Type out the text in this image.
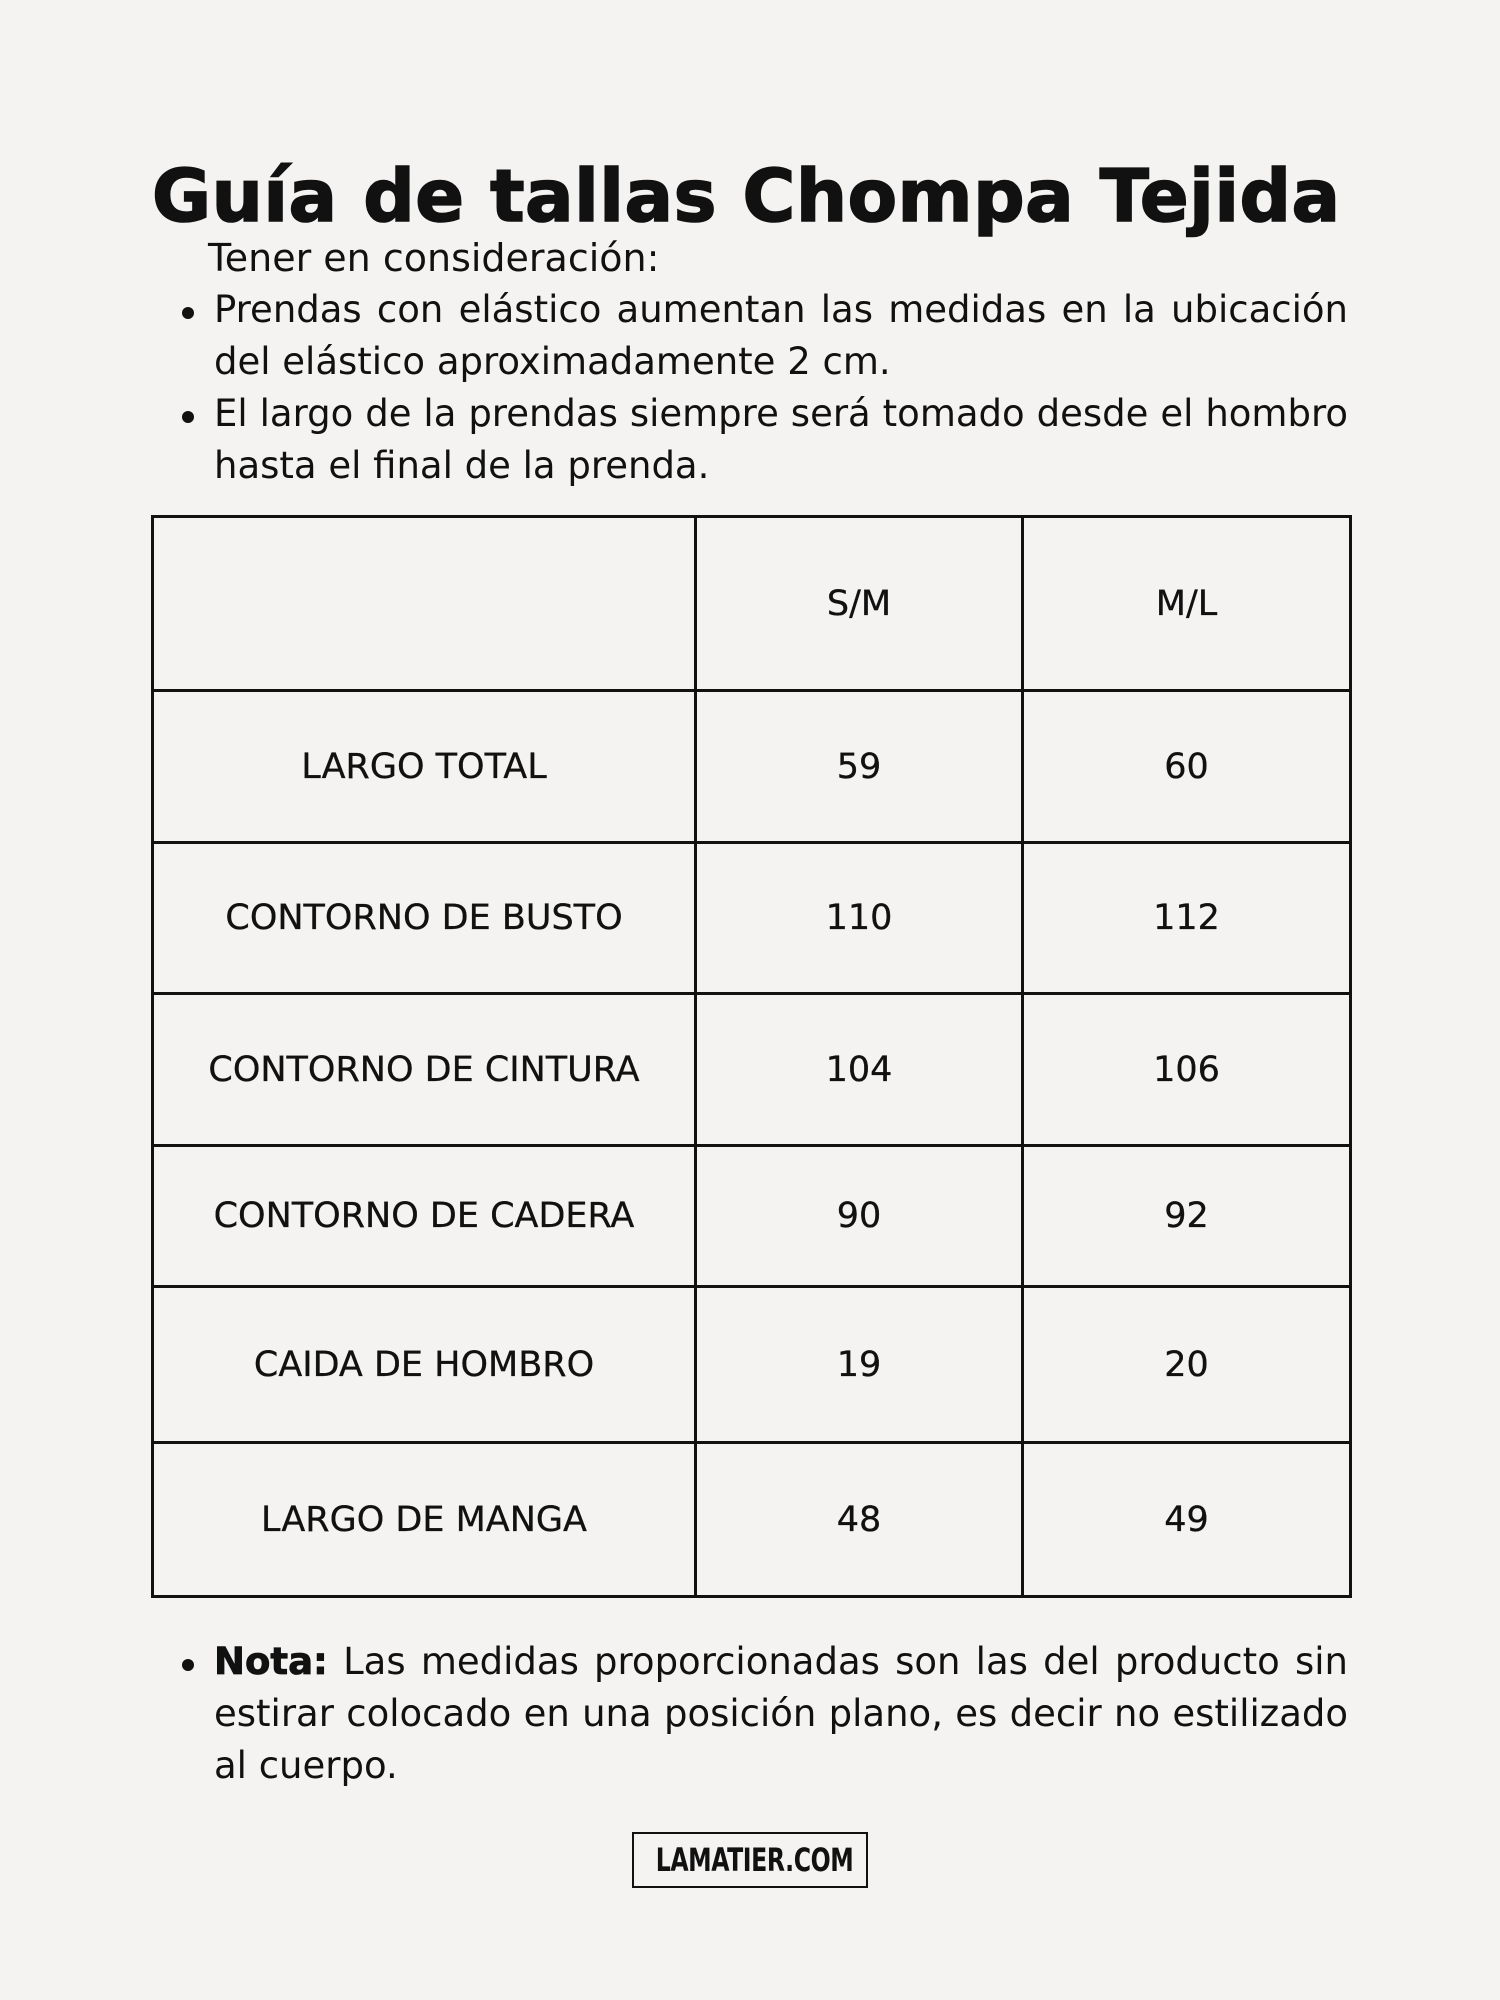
Guía de tallas Chompa Tejida

Tener en consideración:

Prendas con elástico aumentan las medidas en la ubicación del elástico aproximadamente 2 cm.
El largo de la prendas siempre será tomado desde el hombro hasta el final de la prenda.
	S/M	M/L
LARGO TOTAL	59	60
CONTORNO DE BUSTO	110	112
CONTORNO DE CINTURA	104	106
CONTORNO DE CADERA	90	92
CAIDA DE HOMBRO	19	20
LARGO DE MANGA	48	49
Nota: Las medidas proporcionadas son las del producto sin estirar colocado en una posición plano, es decir no estilizado al cuerpo.
LAMATIER.COM
